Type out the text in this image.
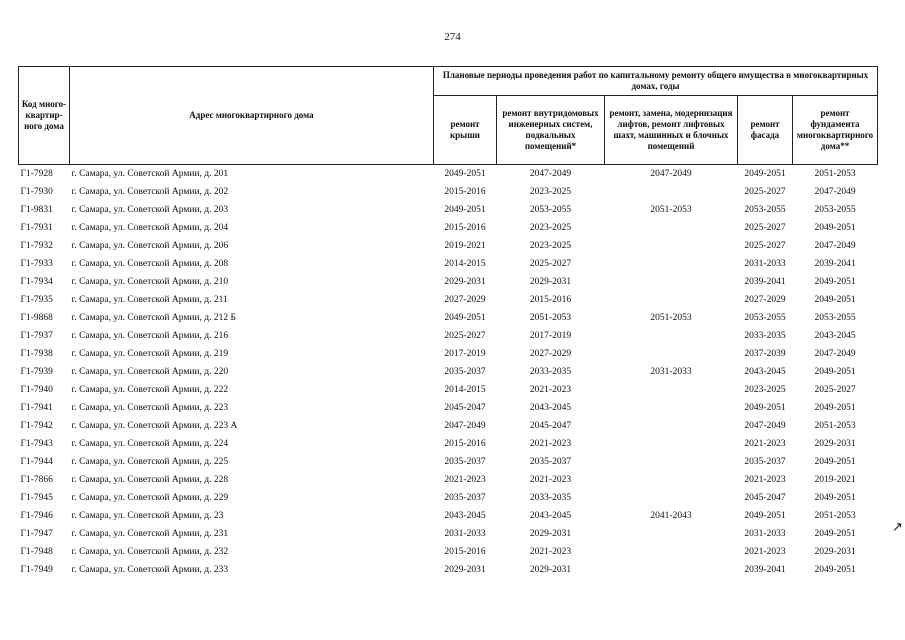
274
Код много-квартир-ного дома	Адрес многоквартирного дома	Плановые периоды проведения работ по капитальному ремонту общего имущества в многоквартирных домах, годы				
		ремонт крыши	ремонт внутридомовых инженерных систем, подвальных помещений*	ремонт, замена, модернизация лифтов, ремонт лифтовых шахт, машинных и блочных помещений	ремонт фасада	ремонт фундамента многоквартирного дома**
Г1-7928	г. Самара, ул. Советской Армии, д. 201	2049-2051	2047-2049	2047-2049	2049-2051	2051-2053
Г1-7930	г. Самара, ул. Советской Армии, д. 202	2015-2016	2023-2025		2025-2027	2047-2049
Г1-9831	г. Самара, ул. Советской Армии, д. 203	2049-2051	2053-2055	2051-2053	2053-2055	2053-2055
Г1-7931	г. Самара, ул. Советской Армии, д. 204	2015-2016	2023-2025		2025-2027	2049-2051
Г1-7932	г. Самара, ул. Советской Армии, д. 206	2019-2021	2023-2025		2025-2027	2047-2049
Г1-7933	г. Самара, ул. Советской Армии, д. 208	2014-2015	2025-2027		2031-2033	2039-2041
Г1-7934	г. Самара, ул. Советской Армии, д. 210	2029-2031	2029-2031		2039-2041	2049-2051
Г1-7935	г. Самара, ул. Советской Армии, д. 211	2027-2029	2015-2016		2027-2029	2049-2051
Г1-9868	г. Самара, ул. Советской Армии, д. 212 Б	2049-2051	2051-2053	2051-2053	2053-2055	2053-2055
Г1-7937	г. Самара, ул. Советской Армии, д. 216	2025-2027	2017-2019		2033-2035	2043-2045
Г1-7938	г. Самара, ул. Советской Армии, д. 219	2017-2019	2027-2029		2037-2039	2047-2049
Г1-7939	г. Самара, ул. Советской Армии, д. 220	2035-2037	2033-2035	2031-2033	2043-2045	2049-2051
Г1-7940	г. Самара, ул. Советской Армии, д. 222	2014-2015	2021-2023		2023-2025	2025-2027
Г1-7941	г. Самара, ул. Советской Армии, д. 223	2045-2047	2043-2045		2049-2051	2049-2051
Г1-7942	г. Самара, ул. Советской Армии, д. 223 А	2047-2049	2045-2047		2047-2049	2051-2053
Г1-7943	г. Самара, ул. Советской Армии, д. 224	2015-2016	2021-2023		2021-2023	2029-2031
Г1-7944	г. Самара, ул. Советской Армии, д. 225	2035-2037	2035-2037		2035-2037	2049-2051
Г1-7866	г. Самара, ул. Советской Армии, д. 228	2021-2023	2021-2023		2021-2023	2019-2021
Г1-7945	г. Самара, ул. Советской Армии, д. 229	2035-2037	2033-2035		2045-2047	2049-2051
Г1-7946	г. Самара, ул. Советской Армии, д. 23	2043-2045	2043-2045	2041-2043	2049-2051	2051-2053
Г1-7947	г. Самара, ул. Советской Армии, д. 231	2031-2033	2029-2031		2031-2033	2049-2051
Г1-7948	г. Самара, ул. Советской Армии, д. 232	2015-2016	2021-2023		2021-2023	2029-2031
Г1-7949	г. Самара, ул. Советской Армии, д. 233	2029-2031	2029-2031		2039-2041	2049-2051
↗
